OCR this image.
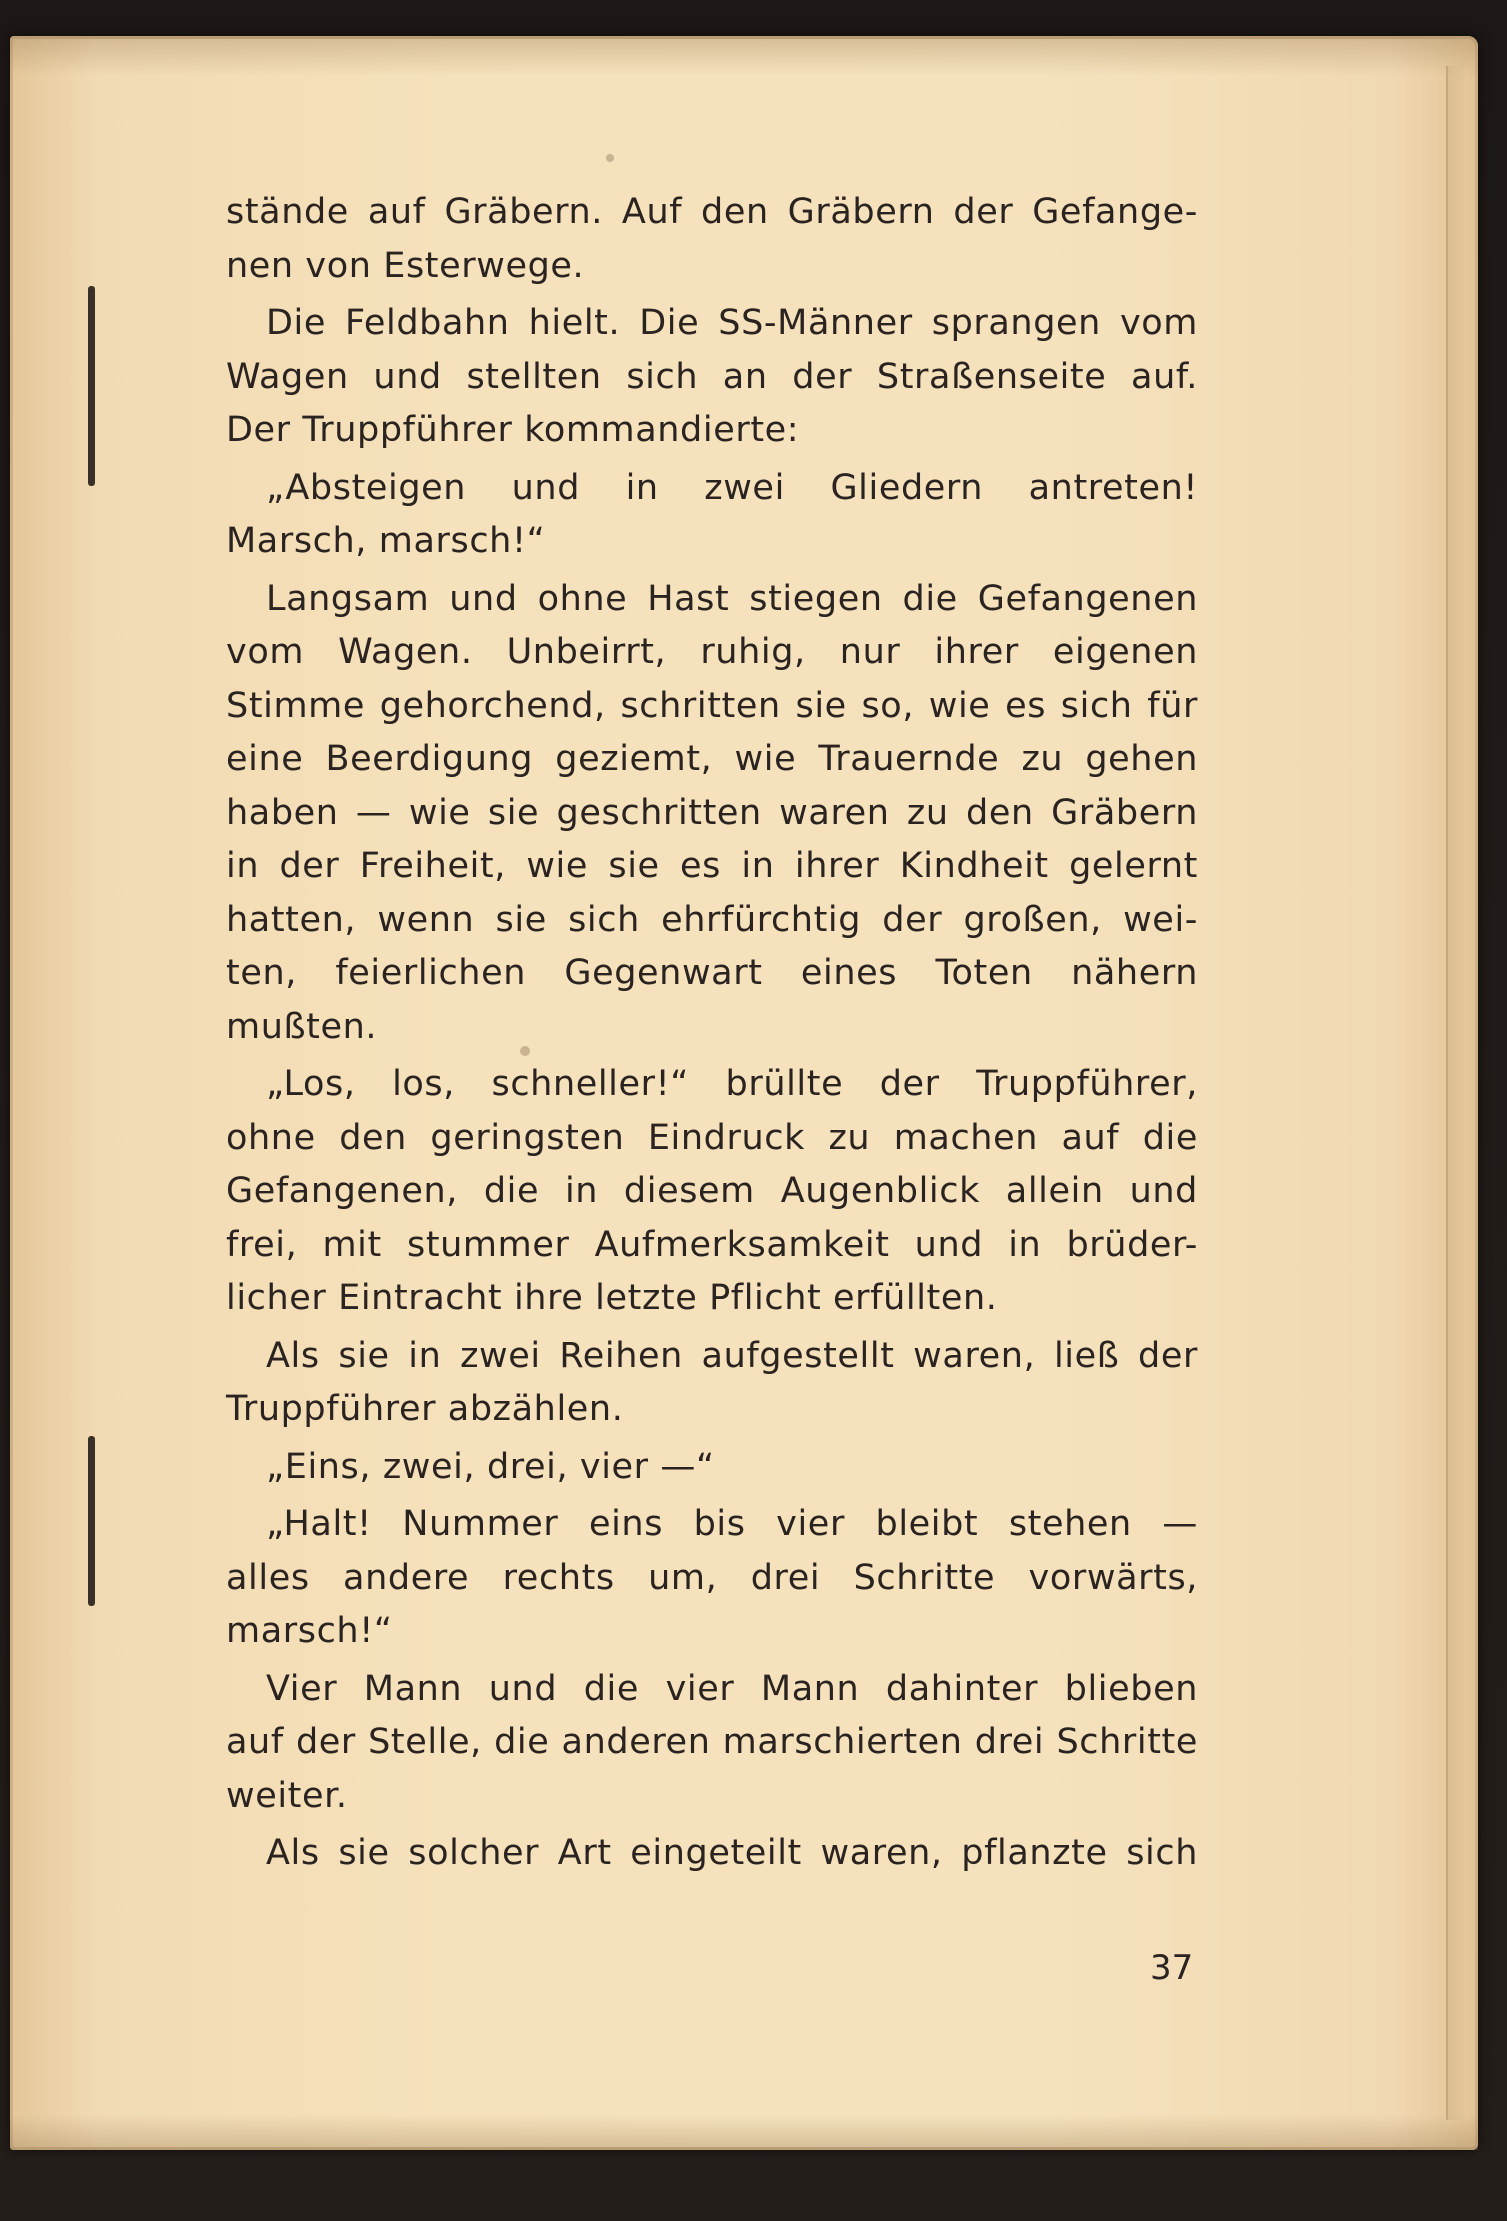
stände auf Gräbern. Auf den Gräbern der Gefange-
nen von Esterwege.
Die Feldbahn hielt. Die SS-Männer sprangen vom
Wagen und stellten sich an der Straßenseite auf.
Der Truppführer kommandierte:
„Absteigen und in zwei Gliedern antreten!
Marsch, marsch!“
Langsam und ohne Hast stiegen die Gefangenen
vom Wagen. Unbeirrt, ruhig, nur ihrer eigenen
Stimme gehorchend, schritten sie so, wie es sich für
eine Beerdigung geziemt, wie Trauernde zu gehen
haben — wie sie geschritten waren zu den Gräbern
in der Freiheit, wie sie es in ihrer Kindheit gelernt
hatten, wenn sie sich ehrfürchtig der großen, wei-
ten, feierlichen Gegenwart eines Toten nähern
mußten.
„Los, los, schneller!“ brüllte der Truppführer,
ohne den geringsten Eindruck zu machen auf die
Gefangenen, die in diesem Augenblick allein und
frei, mit stummer Aufmerksamkeit und in brüder-
licher Eintracht ihre letzte Pflicht erfüllten.
Als sie in zwei Reihen aufgestellt waren, ließ der
Truppführer abzählen.
„Eins, zwei, drei, vier —“
„Halt! Nummer eins bis vier bleibt stehen —
alles andere rechts um, drei Schritte vorwärts,
marsch!“
Vier Mann und die vier Mann dahinter blieben
auf der Stelle, die anderen marschierten drei Schritte
weiter.
Als sie solcher Art eingeteilt waren, pflanzte sich
37
